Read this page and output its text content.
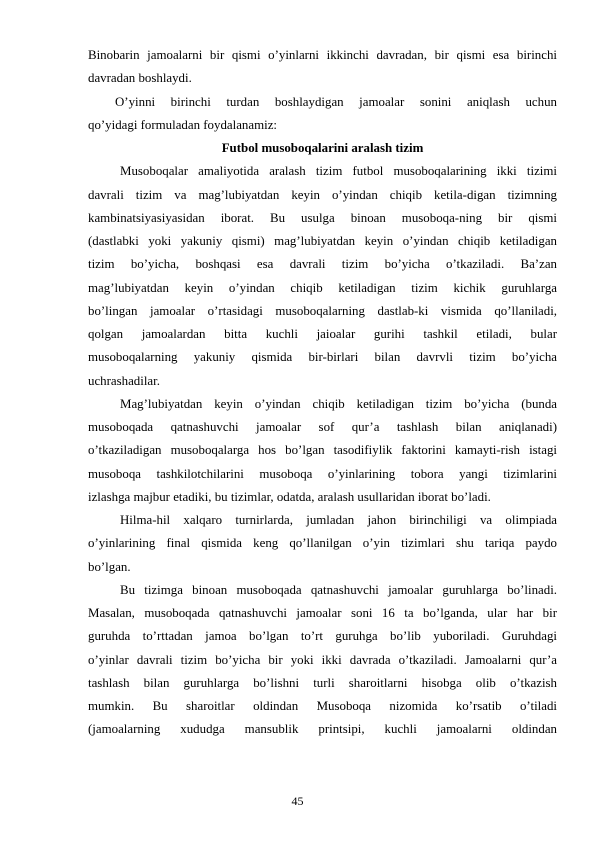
Binobarin jamoalarni bir qismi o’yinlarni ikkinchi davradan, bir qismi esa birinchi
davradan boshlaydi.
O’yinni birinchi turdan boshlaydigan jamoalar sonini aniqlash uchun
qo’yidagi formuladan foydalanamiz:
Futbol musoboqalarini aralash tizim
Musoboqalar amaliyotida aralash tizim futbol musoboqalarining ikki tizimi
davrali tizim va mag’lubiyatdan keyin o’yindan chiqib ketila-digan tizimning
kambinatsiyasiyasidan iborat. Bu usulga binoan musoboqa-ning bir qismi
(dastlabki yoki yakuniy qismi) mag’lubiyatdan keyin o’yindan chiqib ketiladigan
tizim bo’yicha, boshqasi esa davrali tizim bo’yicha o’tkaziladi. Ba’zan
mag’lubiyatdan keyin o’yindan chiqib ketiladigan tizim kichik guruhlarga
bo’lingan jamoalar o’rtasidagi musoboqalarning dastlab-ki vismida qo’llaniladi,
qolgan jamoalardan bitta kuchli jaioalar gurihi tashkil etiladi, bular
musoboqalarning yakuniy qismida bir-birlari bilan davrvli tizim bo’yicha
uchrashadilar.
Mag’lubiyatdan keyin o’yindan chiqib ketiladigan tizim bo’yicha (bunda
musoboqada qatnashuvchi jamoalar sof qur’a tashlash bilan aniqlanadi)
o’tkaziladigan musoboqalarga hos bo’lgan tasodifiylik faktorini kamayti-rish istagi
musoboqa tashkilotchilarini musoboqa o’yinlarining tobora yangi tizimlarini
izlashga majbur etadiki, bu tizimlar, odatda, aralash usullaridan iborat bo’ladi.
Hilma-hil xalqaro turnirlarda, jumladan jahon birinchiligi va olimpiada
o’yinlarining final qismida keng qo’llanilgan o’yin tizimlari shu tariqa paydo
bo’lgan.
Bu tizimga binoan musoboqada qatnashuvchi jamoalar guruhlarga bo’linadi.
Masalan, musoboqada qatnashuvchi jamoalar soni 16 ta bo’lganda, ular har bir
guruhda to’rttadan jamoa bo’lgan to’rt guruhga bo’lib yuboriladi. Guruhdagi
o’yinlar davrali tizim bo’yicha bir yoki ikki davrada o’tkaziladi. Jamoalarni qur’a
tashlash bilan guruhlarga bo’lishni turli sharoitlarni hisobga olib o’tkazish
mumkin. Bu sharoitlar oldindan Musoboqa nizomida ko’rsatib o’tiladi
(jamoalarning xududga mansublik printsipi, kuchli jamoalarni oldindan
45
